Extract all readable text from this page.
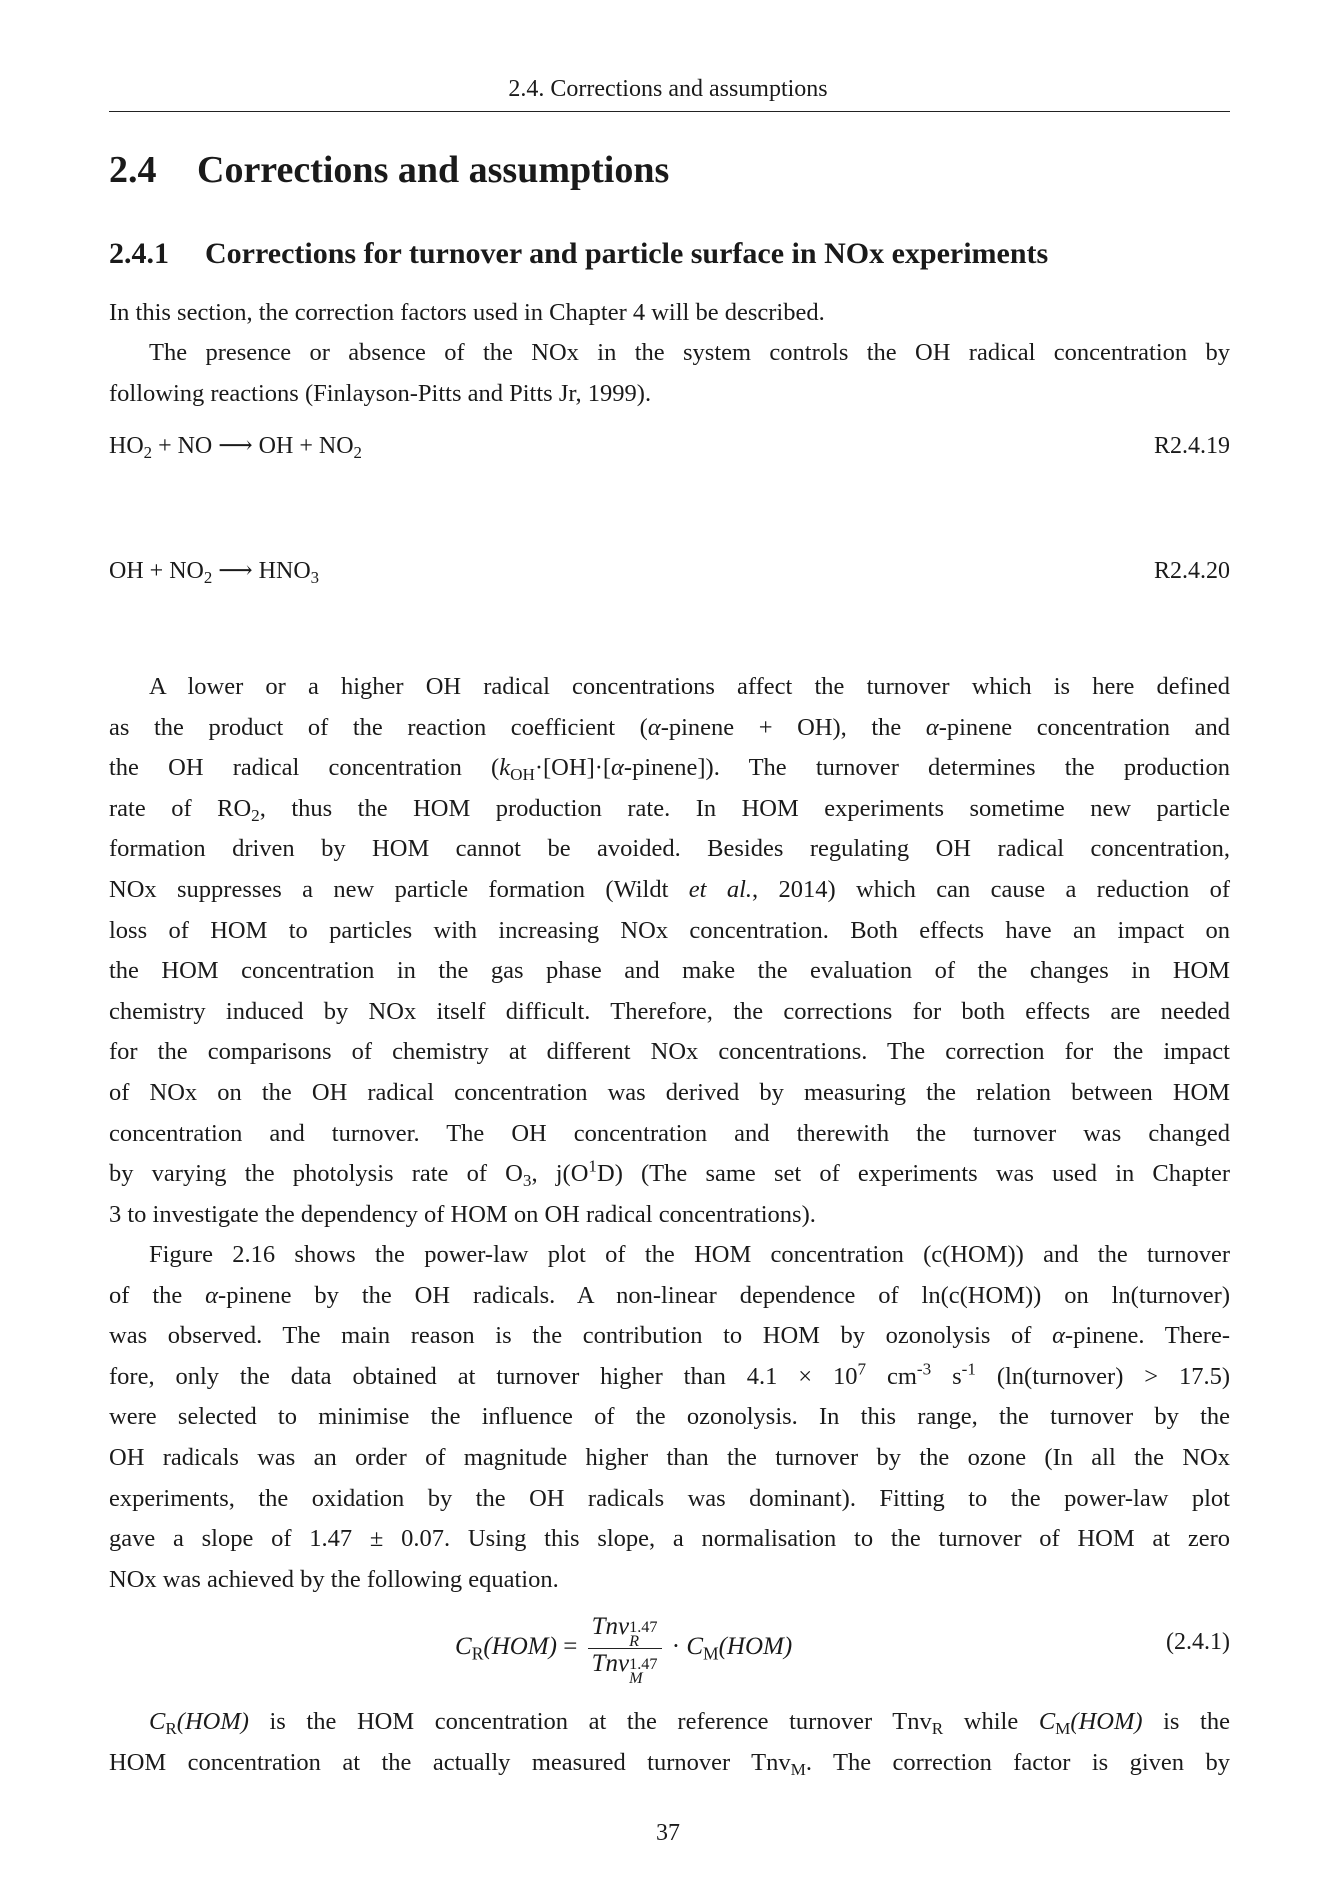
2.4. Corrections and assumptions
2.4 Corrections and assumptions
2.4.1 Corrections for turnover and particle surface in NOx experiments
In this section, the correction factors used in Chapter 4 will be described.
The presence or absence of the NOx in the system controls the OH radical concentration by
following reactions (Finlayson-Pitts and Pitts Jr, 1999).
A lower or a higher OH radical concentrations affect the turnover which is here defined
as the product of the reaction coefficient (α-pinene + OH), the α-pinene concentration and
the OH radical concentration $(k_{OH}\cdot[OH]\cdot[\alpha-pinene])$. The turnover determines the production
rate of $RO_2$, thus the HOM production rate. In HOM experiments sometime new particle
formation driven by HOM cannot be avoided. Besides regulating OH radical concentration,
NOx suppresses a new particle formation (Wildt et al., 2014) which can cause a reduction of
loss of HOM to particles with increasing NOx concentration. Both effects have an impact on
the HOM concentration in the gas phase and make the evaluation of the changes in HOM
chemistry induced by NOx itself difficult. Therefore, the corrections for both effects are needed
for the comparisons of chemistry at different NOx concentrations. The correction for the impact
of NOx on the OH radical concentration was derived by measuring the relation between HOM
concentration and turnover. The OH concentration and therewith the turnover was changed
by varying the photolysis rate of $O_3$, $j(O^1D)$ (The same set of experiments was used in Chapter
3 to investigate the dependency of HOM on OH radical concentrations).
Figure 2.16 shows the power-law plot of the HOM concentration (c(HOM)) and the turnover
of the α-pinene by the OH radicals. A non-linear dependence of ln(c(HOM)) on ln(turnover)
was observed. The main reason is the contribution to HOM by ozonolysis of α-pinene. There-
fore, only the data obtained at turnover higher than $4.1 \times 10^7$ $cm^{-3}$ $s^{-1}$ (ln(turnover) > 17.5)
were selected to minimise the influence of the ozonolysis. In this range, the turnover by the
OH radicals was an order of magnitude higher than the turnover by the ozone (In all the NOx
experiments, the oxidation by the OH radicals was dominant). Fitting to the power-law plot
gave a slope of 1.47 ± 0.07. Using this slope, a normalisation to the turnover of HOM at zero
NOx was achieved by the following equation.
$C_R(HOM)$ is the HOM concentration at the reference turnover Tnv$_R$ while $C_M(HOM)$ is the
HOM concentration at the actually measured turnover Tnv$_M$. The correction factor is given by
$HO_2$ + NO ⟶ OH + $NO_2$	R2.4.19
OH + $NO_2$ ⟶ $HNO_3$	R2.4.20
$C_R(HOM)$ = Tnv 1.47
R
Tnv 1.47
$M \cdot C_M(HOM)$	(2.4.1)
37
